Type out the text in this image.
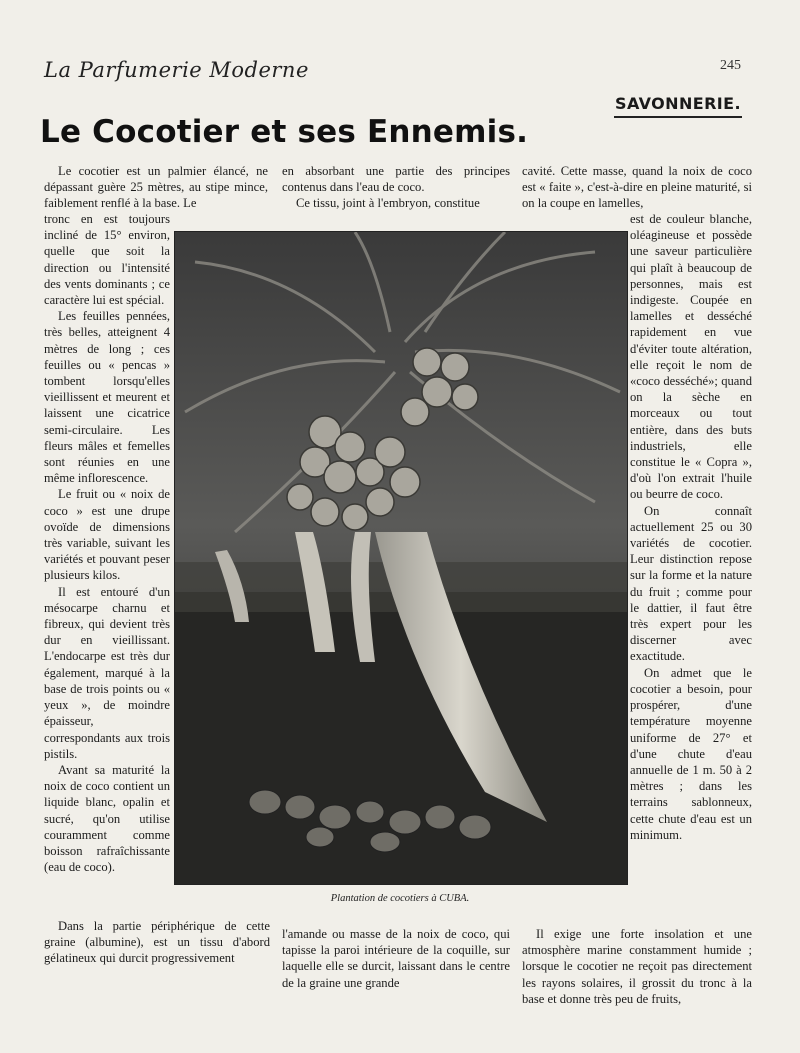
La Parfumerie Moderne	245
SAVONNERIE.
Le Cocotier et ses Ennemis.

Le cocotier est un palmier élancé, ne dépassant guère 25 mètres, au stipe mince, faiblement renflé à la base. Le

en absorbant une partie des principes contenus dans l'eau de coco.

Ce tissu, joint à l'embryon, constitue

cavité. Cette masse, quand la noix de coco est « faite », c'est-à-dire en pleine maturité, si on la coupe en lamelles,

tronc en est toujours incliné de 15° environ, quelle que soit la direction ou l'intensité des vents dominants ; ce caractère lui est spécial.

Les feuilles pennées, très belles, atteignent 4 mètres de long ; ces feuilles ou « pencas » tombent lorsqu'elles vieillissent et meurent et laissent une cicatrice semi-circulaire. Les fleurs mâles et femelles sont réunies en une même inflorescence.

Le fruit ou « noix de coco » est une drupe ovoïde de dimensions très variable, suivant les variétés et pouvant peser plusieurs kilos.

Il est entouré d'un mésocarpe charnu et fibreux, qui devient très dur en vieillissant. L'endocarpe est très dur également, marqué à la base de trois points ou « yeux », de moindre épaisseur, correspondants aux trois pistils.

Avant sa maturité la noix de coco contient un liquide blanc, opalin et sucré, qu'on utilise couramment comme boisson rafraîchissante (eau de coco).

est de couleur blanche, oléagineuse et possède une saveur particulière qui plaît à beaucoup de personnes, mais est indigeste. Coupée en lamelles et desséché rapidement en vue d'éviter toute altération, elle reçoit le nom de «coco desséché»; quand on la sèche en morceaux ou tout entière, dans des buts industriels, elle constitue le « Copra », d'où l'on extrait l'huile ou beurre de coco.

On connaît actuellement 25 ou 30 variétés de cocotier. Leur distinction repose sur la forme et la nature du fruit ; comme pour le dattier, il faut être très expert pour les discerner avec exactitude.

On admet que le cocotier a besoin, pour prospérer, d'une température moyenne uniforme de 27° et d'une chute d'eau annuelle de 1 m. 50 à 2 mètres ; dans les terrains sablonneux, cette chute d'eau est un minimum.

Plantation de cocotiers à CUBA.

Dans la partie périphérique de cette graine (albumine), est un tissu d'abord gélatineux qui durcit progressivement

l'amande ou masse de la noix de coco, qui tapisse la paroi intérieure de la coquille, sur laquelle elle se durcit, laissant dans le centre de la graine une grande

Il exige une forte insolation et une atmosphère marine constamment humide ; lorsque le cocotier ne reçoit pas directement les rayons solaires, il grossit du tronc à la base et donne très peu de fruits,
